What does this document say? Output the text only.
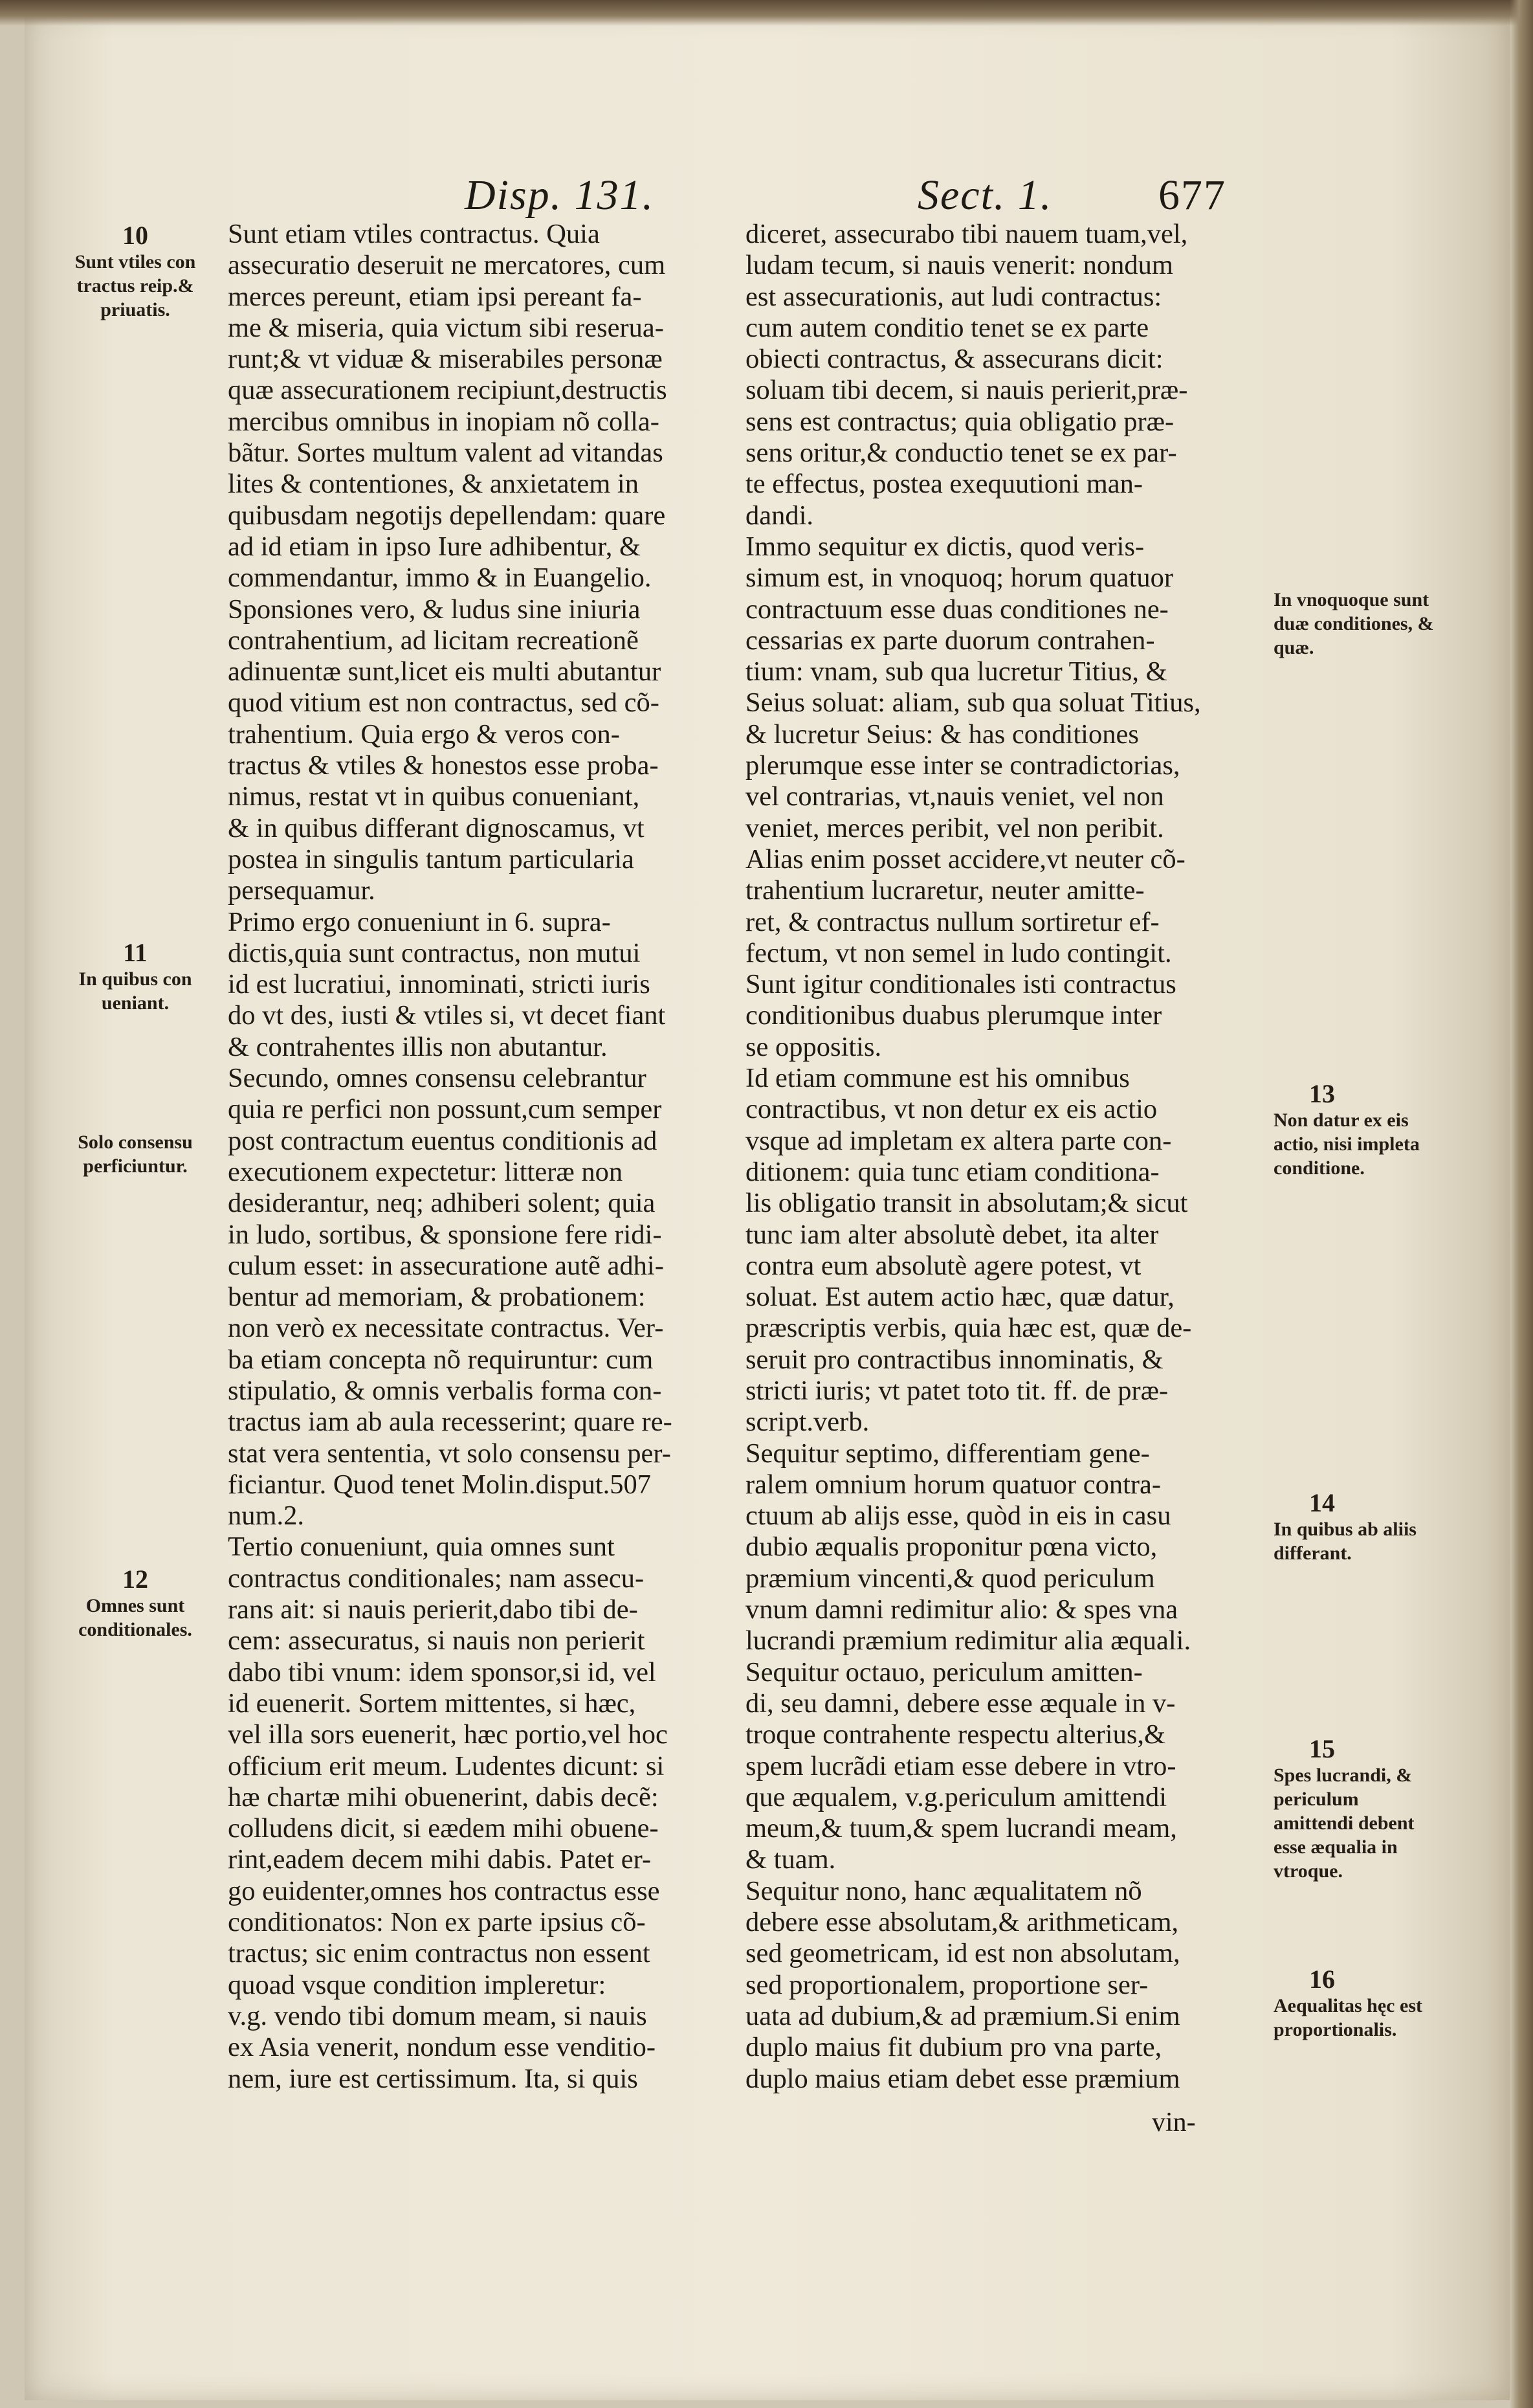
Disp. 131.	Sect. 1. 677
Sunt etiam vtiles contractus. Quia
assecuratio deseruit ne mercatores, cum
merces pereunt, etiam ipsi pereant fa-
me & miseria, quia victum sibi reserua-
runt;& vt viduæ & miserabiles personæ
quæ assecurationem recipiunt,destructis
mercibus omnibus in inopiam nõ colla-
bãtur. Sortes multum valent ad vitandas
lites & contentiones, & anxietatem in
quibusdam negotijs depellendam: quare
ad id etiam in ipso Iure adhibentur, &
commendantur, immo & in Euangelio.
Sponsiones vero, & ludus sine iniuria
contrahentium, ad licitam recreationẽ
adinuentæ sunt,licet eis multi abutantur
quod vitium est non contractus, sed cõ-
trahentium. Quia ergo & veros con-
tractus & vtiles & honestos esse proba-
nimus, restat vt in quibus conueniant,
& in quibus differant dignoscamus, vt
postea in singulis tantum particularia
persequamur.
Primo ergo conueniunt in 6. supra-
dictis,quia sunt contractus, non mutui
id est lucratiui, innominati, stricti iuris
do vt des, iusti & vtiles si, vt decet fiant
& contrahentes illis non abutantur.
Secundo, omnes consensu celebrantur
quia re perfici non possunt,cum semper
post contractum euentus conditionis ad
executionem expectetur: litteræ non
desiderantur, neq; adhiberi solent; quia
in ludo, sortibus, & sponsione fere ridi-
culum esset: in assecuratione autẽ adhi-
bentur ad memoriam, & probationem:
non verò ex necessitate contractus. Ver-
ba etiam concepta nõ requiruntur: cum
stipulatio, & omnis verbalis forma con-
tractus iam ab aula recesserint; quare re-
stat vera sententia, vt solo consensu per-
ficiantur. Quod tenet Molin.disput.507
num.2.
Tertio conueniunt, quia omnes sunt
contractus conditionales; nam assecu-
rans ait: si nauis perierit,dabo tibi de-
cem: assecuratus, si nauis non perierit
dabo tibi vnum: idem sponsor,si id, vel
id euenerit. Sortem mittentes, si hæc,
vel illa sors euenerit, hæc portio,vel hoc
officium erit meum. Ludentes dicunt: si
hæ chartæ mihi obuenerint, dabis decẽ:
colludens dicit, si eædem mihi obuene-
rint,eadem decem mihi dabis. Patet er-
go euidenter,omnes hos contractus esse
conditionatos: Non ex parte ipsius cõ-
tractus; sic enim contractus non essent
quoad vsque condition impleretur:
v.g. vendo tibi domum meam, si nauis
ex Asia venerit, nondum esse venditio-
nem, iure est certissimum. Ita, si quis
diceret, assecurabo tibi nauem tuam,vel,
ludam tecum, si nauis venerit: nondum
est assecurationis, aut ludi contractus:
cum autem conditio tenet se ex parte
obiecti contractus, & assecurans dicit:
soluam tibi decem, si nauis perierit,præ-
sens est contractus; quia obligatio præ-
sens oritur,& conductio tenet se ex par-
te effectus, postea exequutioni man-
dandi.
Immo sequitur ex dictis, quod veris-
simum est, in vnoquoq; horum quatuor
contractuum esse duas conditiones ne-
cessarias ex parte duorum contrahen-
tium: vnam, sub qua lucretur Titius, &
Seius soluat: aliam, sub qua soluat Titius,
& lucretur Seius: & has conditiones
plerumque esse inter se contradictorias,
vel contrarias, vt,nauis veniet, vel non
veniet, merces peribit, vel non peribit.
Alias enim posset accidere,vt neuter cõ-
trahentium lucraretur, neuter amitte-
ret, & contractus nullum sortiretur ef-
fectum, vt non semel in ludo contingit.
Sunt igitur conditionales isti contractus
conditionibus duabus plerumque inter
se oppositis.
Id etiam commune est his omnibus
contractibus, vt non detur ex eis actio
vsque ad impletam ex altera parte con-
ditionem: quia tunc etiam conditiona-
lis obligatio transit in absolutam;& sicut
tunc iam alter absolutè debet, ita alter
contra eum absolutè agere potest, vt
soluat. Est autem actio hæc, quæ datur,
præscriptis verbis, quia hæc est, quæ de-
seruit pro contractibus innominatis, &
stricti iuris; vt patet toto tit. ff. de præ-
script.verb.
Sequitur septimo, differentiam gene-
ralem omnium horum quatuor contra-
ctuum ab alijs esse, quòd in eis in casu
dubio æqualis proponitur pœna victo,
præmium vincenti,& quod periculum
vnum damni redimitur alio: & spes vna
lucrandi præmium redimitur alia æquali.
Sequitur octauo, periculum amitten-
di, seu damni, debere esse æquale in v-
troque contrahente respectu alterius,&
spem lucrãdi etiam esse debere in vtro-
que æqualem, v.g.periculum amittendi
meum,& tuum,& spem lucrandi meam,
& tuam.
Sequitur nono, hanc æqualitatem nõ
debere esse absolutam,& arithmeticam,
sed geometricam, id est non absolutam,
sed proportionalem, proportione ser-
uata ad dubium,& ad præmium.Si enim
duplo maius fit dubium pro vna parte,
duplo maius etiam debet esse præmium
10
Sunt vtiles con tractus reip.& priuatis.
11
In quibus con ueniant.
Solo consensu perficiuntur.
12
Omnes sunt conditionales.
In vnoquoque sunt duæ conditiones, & quæ.
13
Non datur ex eis actio, nisi impleta conditione.
14
In quibus ab aliis differant.
15
Spes lucrandi, & periculum amittendi debent esse æqualia in vtroque.
16
Aequalitas hęc est proportionalis.
vin-
